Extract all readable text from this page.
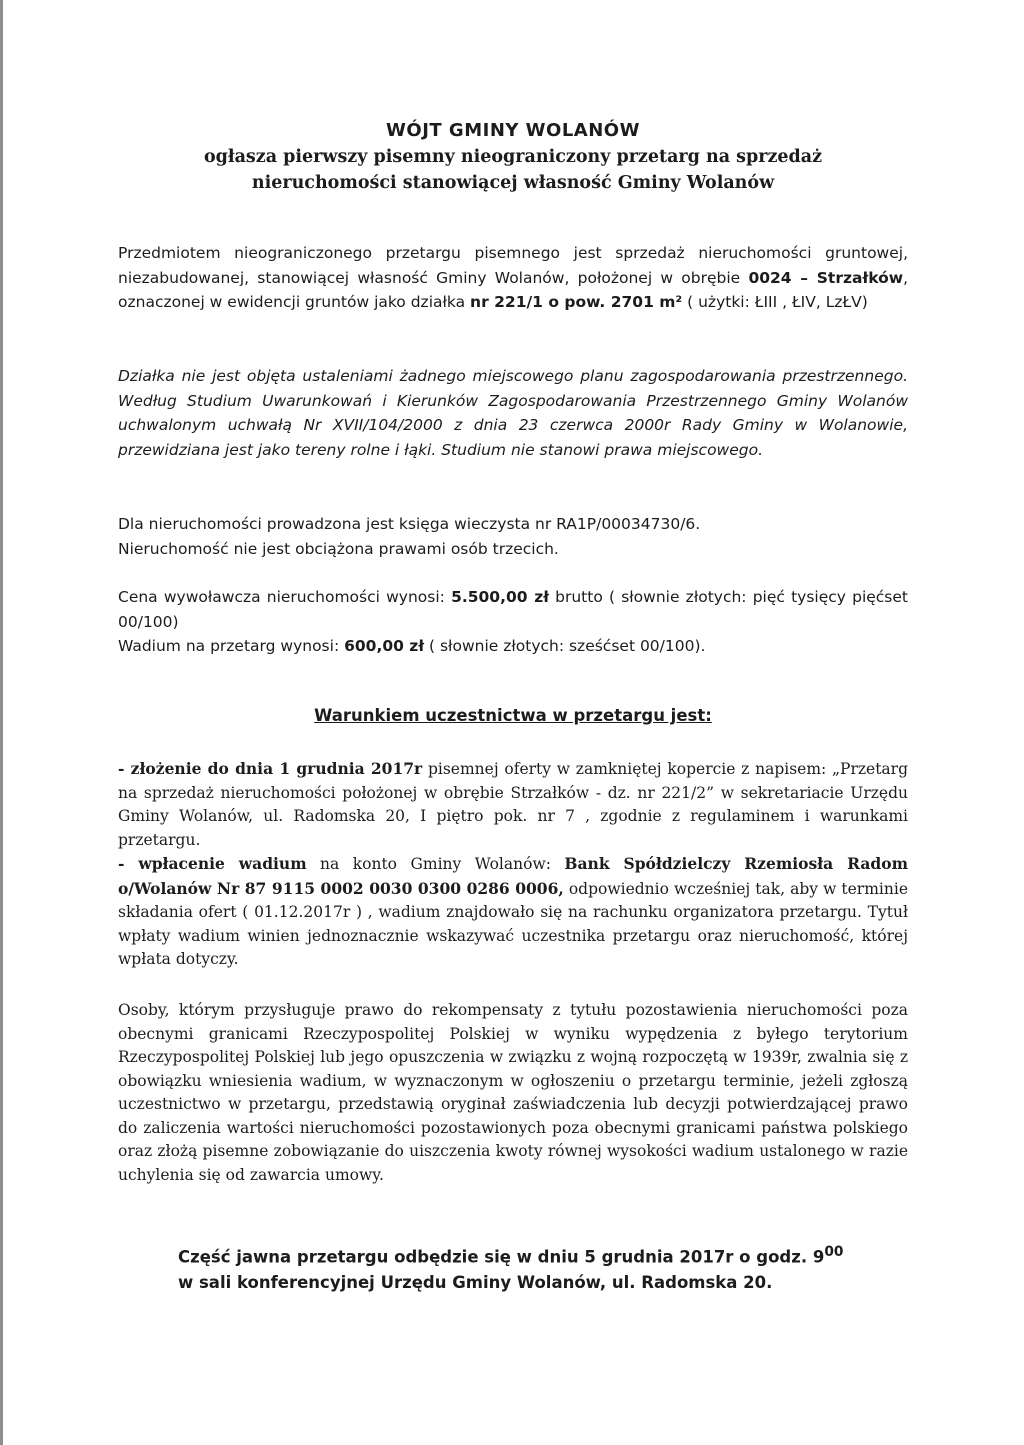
WÓJT GMINY WOLANÓW
ogłasza pierwszy pisemny nieograniczony przetarg na sprzedaż
nieruchomości stanowiącej własność Gminy Wolanów

Przedmiotem nieograniczonego przetargu pisemnego jest sprzedaż nieruchomości gruntowej, niezabudowanej, stanowiącej własność Gminy Wolanów, położonej w obrębie 0024 – Strzałków, oznaczonej w ewidencji gruntów jako działka nr 221/1 o pow. 2701 m² ( użytki: ŁIII , ŁIV, LzŁV)

Działka nie jest objęta ustaleniami żadnego miejscowego planu zagospodarowania przestrzennego. Według Studium Uwarunkowań i Kierunków Zagospodarowania Przestrzennego Gminy Wolanów uchwalonym uchwałą Nr XVII/104/2000 z dnia 23 czerwca 2000r Rady Gminy w Wolanowie, przewidziana jest jako tereny rolne i łąki. Studium nie stanowi prawa miejscowego.

Dla nieruchomości prowadzona jest księga wieczysta nr RA1P/00034730/6.
Nieruchomość nie jest obciążona prawami osób trzecich.
Cena wywoławcza nieruchomości wynosi: 5.500,00 zł brutto ( słownie złotych: pięć tysięcy pięćset 00/100)
Wadium na przetarg wynosi: 600,00 zł ( słownie złotych: sześćset 00/100).
Warunkiem uczestnictwa w przetargu jest:
- złożenie do dnia 1 grudnia 2017r pisemnej oferty w zamkniętej kopercie z napisem: „Przetarg na sprzedaż nieruchomości położonej w obrębie Strzałków - dz. nr 221/2” w sekretariacie Urzędu Gminy Wolanów, ul. Radomska 20, I piętro pok. nr 7 , zgodnie z regulaminem i warunkami przetargu.
- wpłacenie wadium na konto Gminy Wolanów: Bank Spółdzielczy Rzemiosła Radom o/Wolanów Nr 87 9115 0002 0030 0300 0286 0006, odpowiednio wcześniej tak, aby w terminie składania ofert ( 01.12.2017r ) , wadium znajdowało się na rachunku organizatora przetargu. Tytuł wpłaty wadium winien jednoznacznie wskazywać uczestnika przetargu oraz nieruchomość, której wpłata dotyczy.

Osoby, którym przysługuje prawo do rekompensaty z tytułu pozostawienia nieruchomości poza obecnymi granicami Rzeczypospolitej Polskiej w wyniku wypędzenia z byłego terytorium Rzeczypospolitej Polskiej lub jego opuszczenia w związku z wojną rozpoczętą w 1939r, zwalnia się z obowiązku wniesienia wadium, w wyznaczonym w ogłoszeniu o przetargu terminie, jeżeli zgłoszą uczestnictwo w przetargu, przedstawią oryginał zaświadczenia lub decyzji potwierdzającej prawo do zaliczenia wartości nieruchomości pozostawionych poza obecnymi granicami państwa polskiego oraz złożą pisemne zobowiązanie do uiszczenia kwoty równej wysokości wadium ustalonego w razie uchylenia się od zawarcia umowy.

Część jawna przetargu odbędzie się w dniu 5 grudnia 2017r o godz. $9^{00}$
w sali konferencyjnej Urzędu Gminy Wolanów, ul. Radomska 20.
